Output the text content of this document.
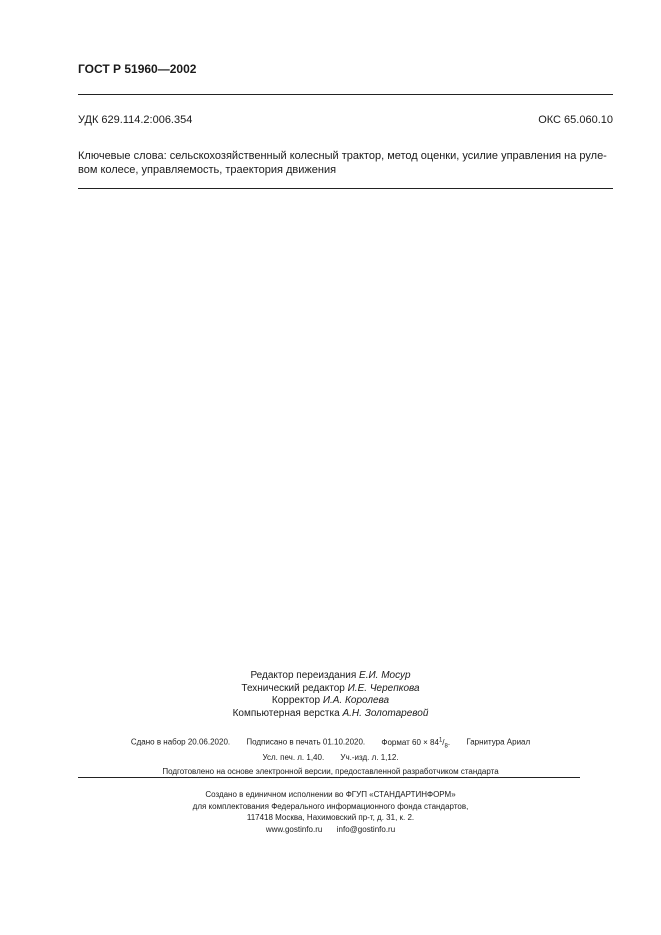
ГОСТ Р 51960—2002
УДК 629.114.2:006.354	ОКС 65.060.10
Ключевые слова: сельскохозяйственный колесный трактор, метод оценки, усилие управления на руле-вом колесе, управляемость, траектория движения
Редактор переиздания Е.И. Мосур
Технический редактор И.Е. Черепкова
Корректор И.А. Королева
Компьютерная верстка А.Н. Золотаревой
Сдано в набор 20.06.2020. Подписано в печать 01.10.2020. Формат $60 \times 84^1/_8$. Гарнитура Ариал
Усл. печ. л. 1,40. Уч.-изд. л. 1,12.
Подготовлено на основе электронной версии, предоставленной разработчиком стандарта
Создано в единичном исполнении во ФГУП «СТАНДАРТИНФОРМ»
для комплектования Федерального информационного фонда стандартов,
117418 Москва, Нахимовский пр-т, д. 31, к. 2.
www.gostinfo.ru info@gostinfo.ru
